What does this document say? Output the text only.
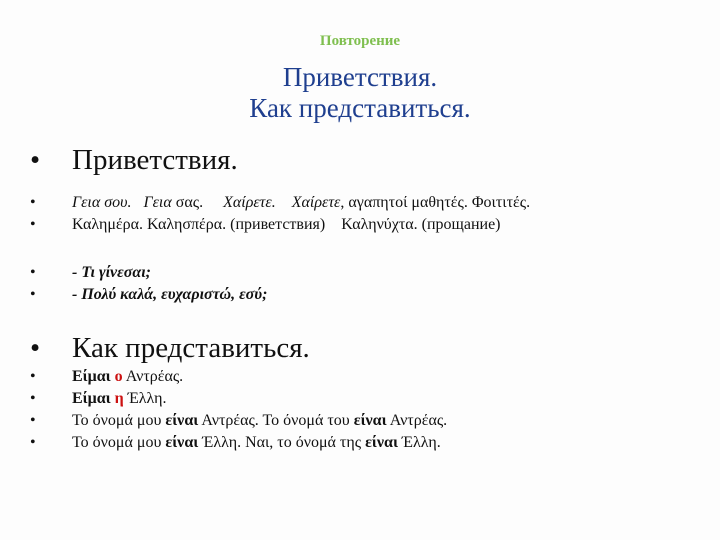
Повторение
Приветствия.
Как представиться.
• Приветствия.
• Γεια σου. Γεια σας. Χαίρετε. Χαίρετε, αγαπητοί μαθητές. Φοιτιτές.
• Καλημέρα. Καλησπέρα. (приветствия) Καληνύχτα. (прощание)
• - Τι γίνεσαι;
• - Πολύ καλά, ευχαριστώ, εσύ;
• Как представиться.
• Είμαι ο Αντρέας.
• Είμαι η Έλλη.
• Το όνομά μου είναι Αντρέας. Το όνομά του είναι Αντρέας.
• Το όνομά μου είναι Έλλη. Ναι, το όνομά της είναι Έλλη.
